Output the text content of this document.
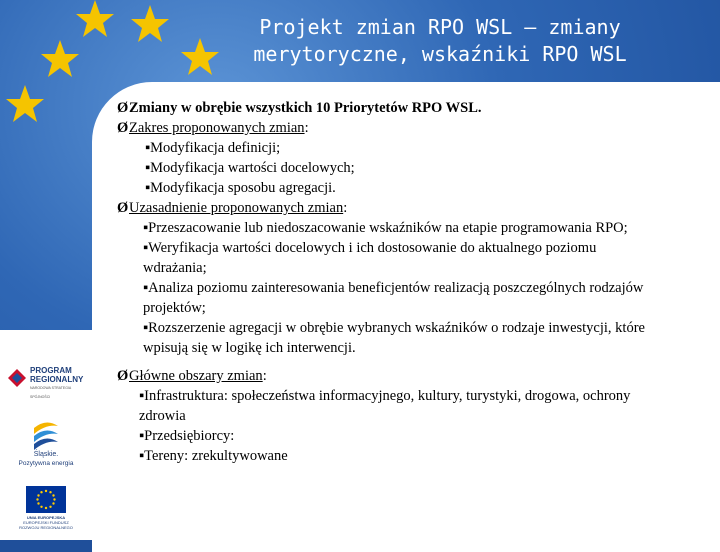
Projekt zmian RPO WSL – zmiany
merytoryczne, wskaźniki RPO WSL
Ø Zmiany w obrębie wszystkich 10 Priorytetów RPO WSL.
Ø Zakres proponowanych zmian:
▪Modyfikacja definicji;
▪Modyfikacja wartości docelowych;
▪Modyfikacja sposobu agregacji.
Ø Uzasadnienie proponowanych zmian:
▪Przeszacowanie lub niedoszacowanie wskaźników na etapie programowania RPO;
▪Weryfikacja wartości docelowych i ich dostosowanie do aktualnego poziomu wdrażania;
▪Analiza poziomu zainteresowania beneficjentów realizacją poszczególnych rodzajów projektów;
▪Rozszerzenie agregacji w obrębie wybranych wskaźników o rodzaje inwestycji, które wpisują się w logikę ich interwencji.
Ø Główne obszary zmian:
▪Infrastruktura: społeczeństwa informacyjnego, kultury, turystyki, drogowa, ochrony zdrowia
▪Przedsiębiorcy:
▪Tereny: zrekultywowane
PROGRAM
REGIONALNY
NARODOWA STRATEGIA SPÓJNOŚCI
Śląskie.
Pozytywna energia
UNIA EUROPEJSKA
EUROPEJSKI FUNDUSZ
ROZWOJU REGIONALNEGO
